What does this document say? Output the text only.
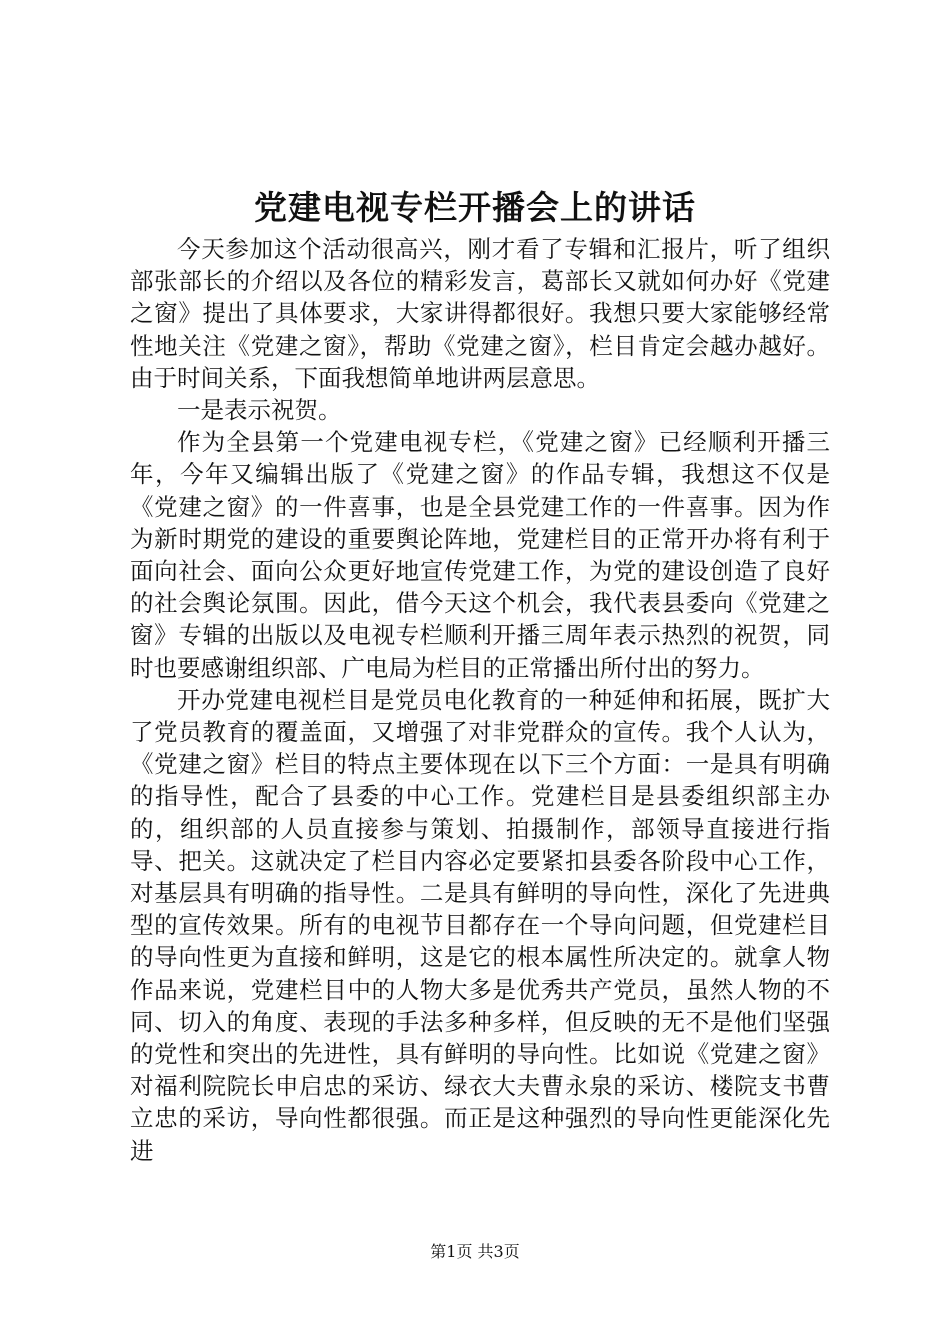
党建电视专栏开播会上的讲话

今天参加这个活动很高兴，刚才看了专辑和汇报片，听了组织部张部长的介绍以及各位的精彩发言，葛部长又就如何办好《党建之窗》提出了具体要求，大家讲得都很好。我想只要大家能够经常性地关注《党建之窗》，帮助《党建之窗》，栏目肯定会越办越好。由于时间关系，下面我想简单地讲两层意思。

一是表示祝贺。

作为全县第一个党建电视专栏，《党建之窗》已经顺利开播三年，今年又编辑出版了《党建之窗》的作品专辑，我想这不仅是《党建之窗》的一件喜事，也是全县党建工作的一件喜事。因为作为新时期党的建设的重要舆论阵地，党建栏目的正常开办将有利于面向社会、面向公众更好地宣传党建工作，为党的建设创造了良好的社会舆论氛围。因此，借今天这个机会，我代表县委向《党建之窗》专辑的出版以及电视专栏顺利开播三周年表示热烈的祝贺，同时也要感谢组织部、广电局为栏目的正常播出所付出的努力。

开办党建电视栏目是党员电化教育的一种延伸和拓展，既扩大了党员教育的覆盖面，又增强了对非党群众的宣传。我个人认为，《党建之窗》栏目的特点主要体现在以下三个方面：一是具有明确的指导性，配合了县委的中心工作。党建栏目是县委组织部主办的，组织部的人员直接参与策划、拍摄制作，部领导直接进行指导、把关。这就决定了栏目内容必定要紧扣县委各阶段中心工作，对基层具有明确的指导性。二是具有鲜明的导向性，深化了先进典型的宣传效果。所有的电视节目都存在一个导向问题，但党建栏目的导向性更为直接和鲜明，这是它的根本属性所决定的。就拿人物作品来说，党建栏目中的人物大多是优秀共产党员，虽然人物的不同、切入的角度、表现的手法多种多样，但反映的无不是他们坚强的党性和突出的先进性，具有鲜明的导向性。比如说《党建之窗》对福利院院长申启忠的采访、绿衣大夫曹永泉的采访、楼院支书曹立忠的采访，导向性都很强。而正是这种强烈的导向性更能深化先进

第1页 共3页
